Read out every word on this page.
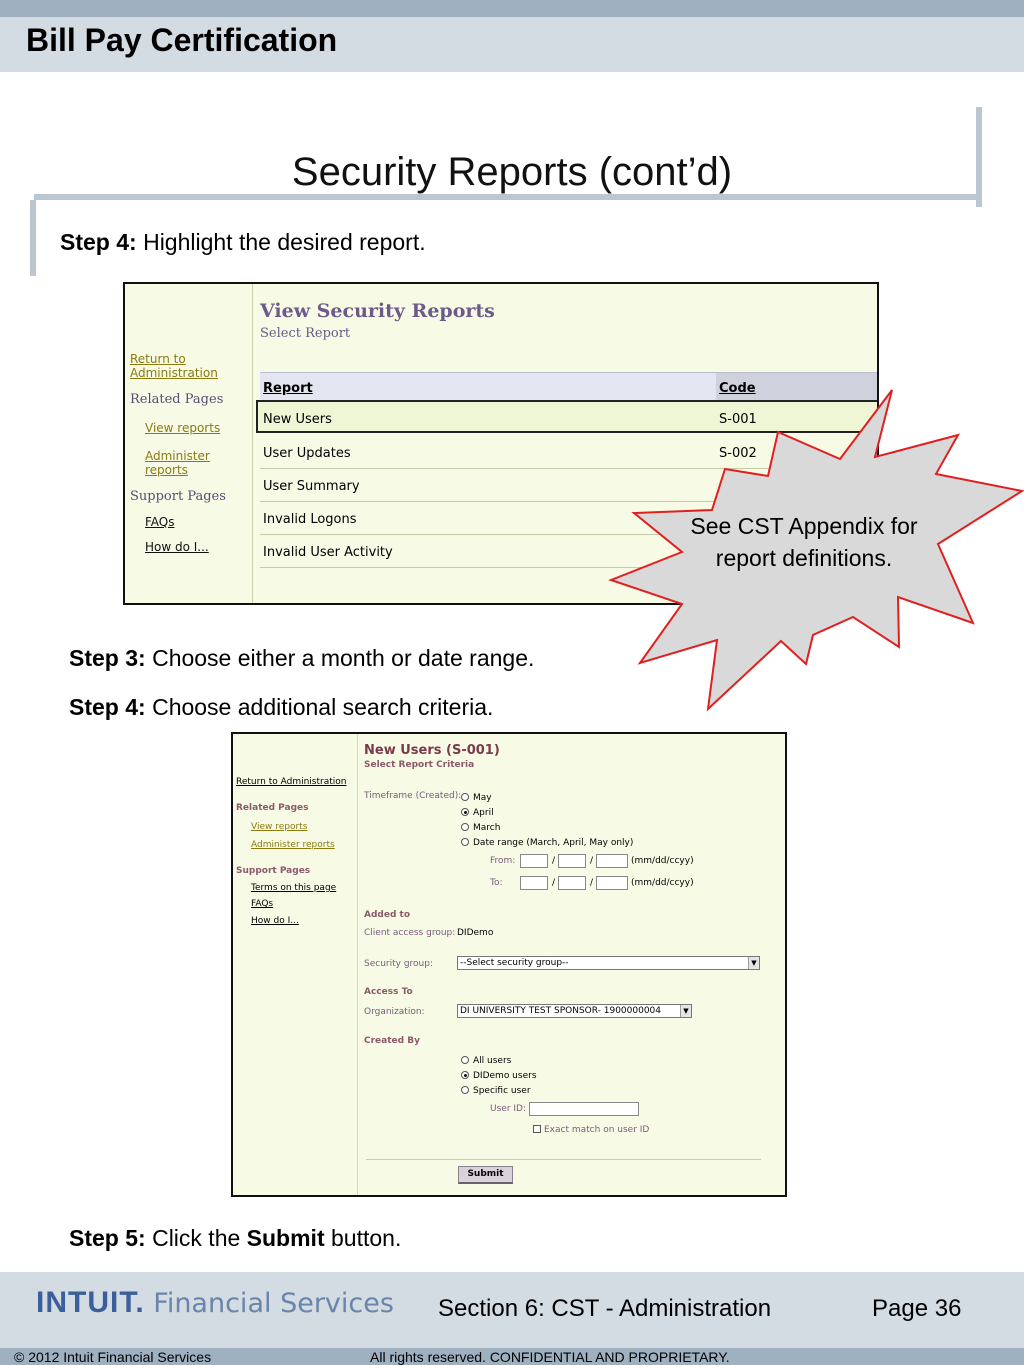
Bill Pay Certification
Security Reports (cont’d)
Step 4: Highlight the desired report.
Return to Administration
Related Pages
View reports
Administer reports
Support Pages
FAQs
How do I...
View Security Reports
Select Report
Report	Code
New Users	S-001
User Updates	S-002
User Summary
Invalid Logons
Invalid User Activity
See CST Appendix for report definitions.
Step 3: Choose either a month or date range.
Step 4: Choose additional search criteria.
Return to Administration
Related Pages
View reports
Administer reports
Support Pages
Terms on this page
FAQs
How do I...
New Users (S-001)
Select Report Criteria
Timeframe (Created): May
April
March
Date range (March, April, May only)
From:	/	/	(mm/dd/ccyy)
To:	/	/	(mm/dd/ccyy)
Added to
Client access group: DIDemo
Security group:	--Select security group--	▼
Access To
Organization:	DI UNIVERSITY TEST SPONSOR- 1900000004	▼
Created By
All users
DIDemo users
Specific user
User ID:
Exact match on user ID
Submit
Step 5: Click the Submit button.
INTUIT. Financial Services Section 6: CST - Administration	Page 36
© 2012 Intuit Financial Services	All rights reserved. CONFIDENTIAL AND PROPRIETARY.
